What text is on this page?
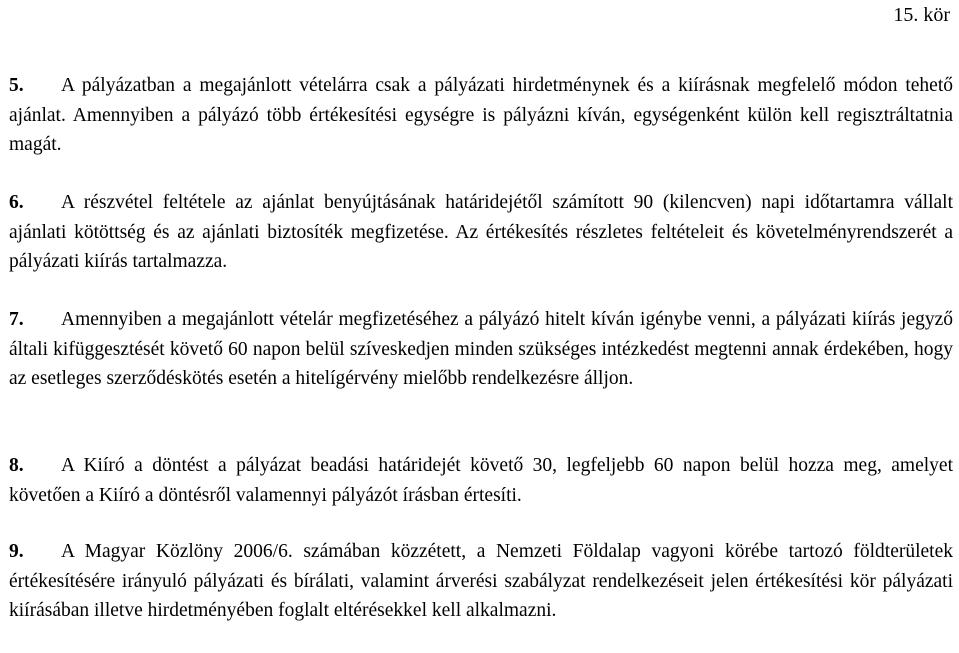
15. kör
5. A pályázatban a megajánlott vételárra csak a pályázati hirdetménynek és a kiírásnak megfelelő módon tehető ajánlat. Amennyiben a pályázó több értékesítési egységre is pályázni kíván, egységenként külön kell regisztráltatnia magát.
6. A részvétel feltétele az ajánlat benyújtásának határidejétől számított 90 (kilencven) napi időtartamra vállalt ajánlati kötöttség és az ajánlati biztosíték megfizetése. Az értékesítés részletes feltételeit és követelményrendszerét a pályázati kiírás tartalmazza.
7. Amennyiben a megajánlott vételár megfizetéséhez a pályázó hitelt kíván igénybe venni, a pályázati kiírás jegyző általi kifüggesztését követő 60 napon belül szíveskedjen minden szükséges intézkedést megtenni annak érdekében, hogy az esetleges szerződéskötés esetén a hitelígérvény mielőbb rendelkezésre álljon.
8. A Kiíró a döntést a pályázat beadási határidejét követő 30, legfeljebb 60 napon belül hozza meg, amelyet követően a Kiíró a döntésről valamennyi pályázót írásban értesíti.
9. A Magyar Közlöny 2006/6. számában közzétett, a Nemzeti Földalap vagyoni körébe tartozó földterületek értékesítésére irányuló pályázati és bírálati, valamint árverési szabályzat rendelkezéseit jelen értékesítési kör pályázati kiírásában illetve hirdetményében foglalt eltérésekkel kell alkalmazni.
